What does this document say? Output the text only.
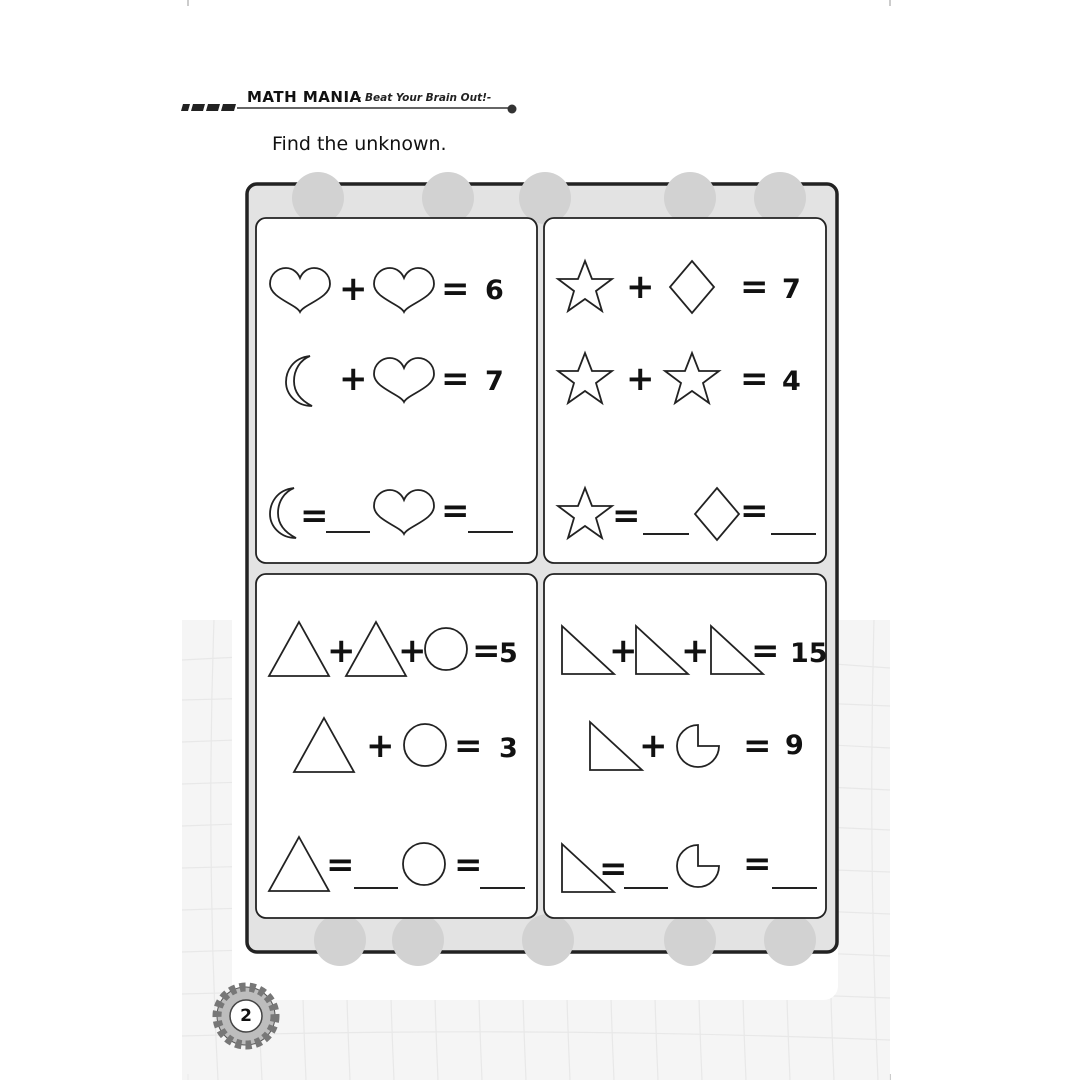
+ = 6
+ = 7
=	=
+	= 7
+	= 4
=	=
+ + =
5
+ = 3
=	=
+ + = 15
+ = 9
=	=
MATH MANIA
- Beat Your Brain Out!-
Find the unknown.
2
